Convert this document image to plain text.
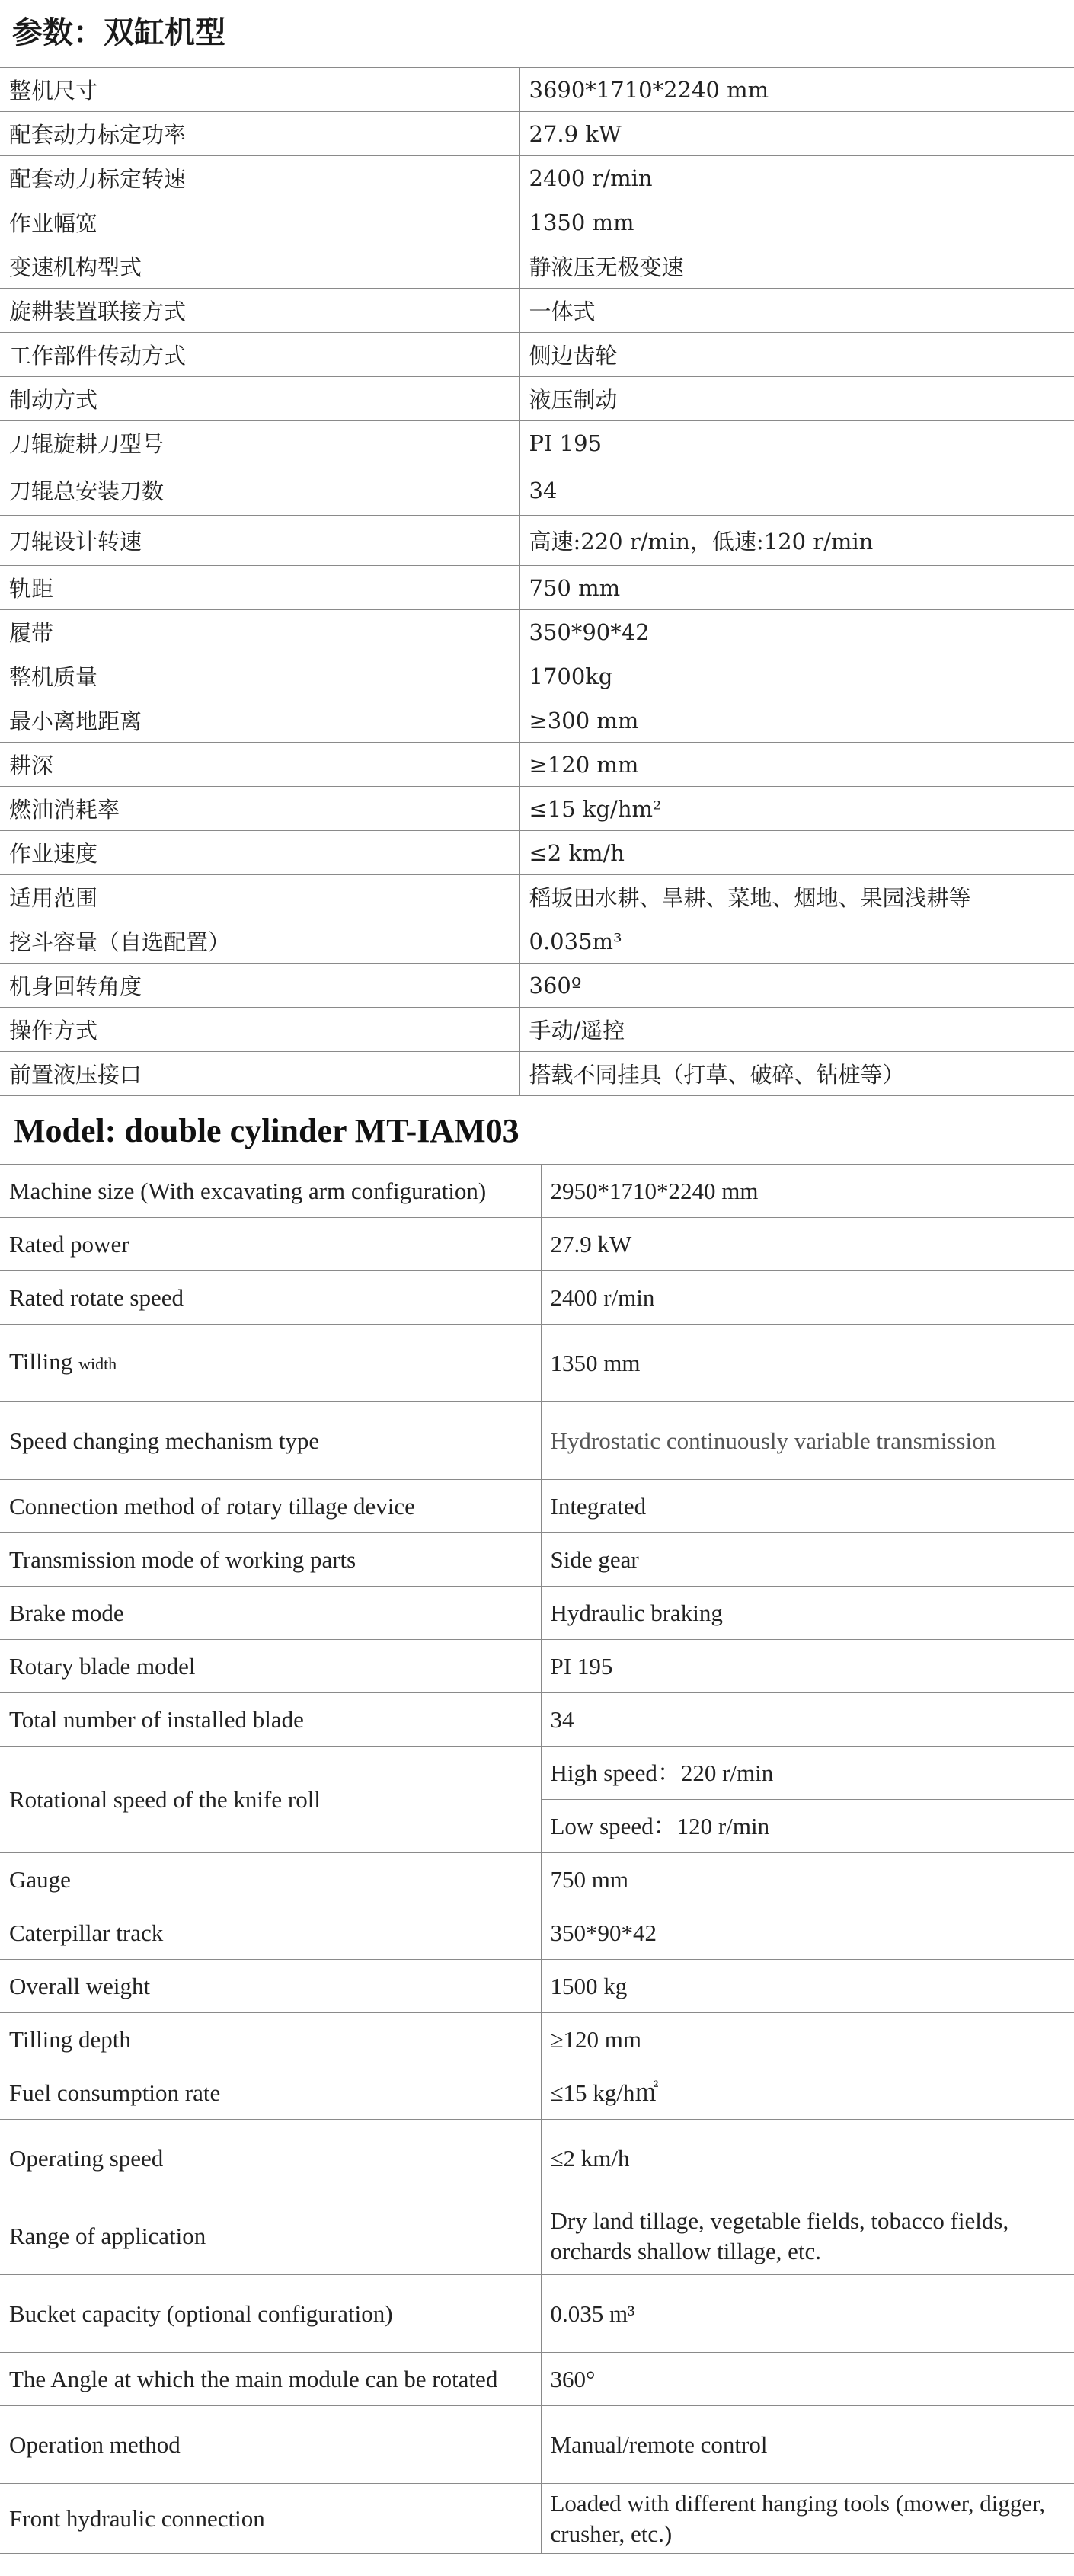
参数：双缸机型
整机尺寸	3690*1710*2240 mm
配套动力标定功率	27.9 kW
配套动力标定转速	2400 r/min
作业幅宽	1350 mm
变速机构型式	静液压无极变速
旋耕装置联接方式	一体式
工作部件传动方式	侧边齿轮
制动方式	液压制动
刀辊旋耕刀型号	PI 195
刀辊总安装刀数	34
刀辊设计转速	高速:220 r/min，低速:120 r/min
轨距	750 mm
履带	350*90*42
整机质量	1700kg
最小离地距离	≥300 mm
耕深	≥120 mm
燃油消耗率	≤15 kg/hm²
作业速度	≤2 km/h
适用范围	稻坂田水耕、旱耕、菜地、烟地、果园浅耕等
挖斗容量（自选配置）	0.035m³
机身回转角度	360º
操作方式	手动/遥控
前置液压接口	搭载不同挂具（打草、破碎、钻桩等）
Model: double cylinder MT-IAM03
Machine size (With excavating arm configuration)	2950*1710*2240 mm
Rated power	27.9 kW
Rated rotate speed	2400 r/min
Tilling width	1350 mm
Speed changing mechanism type	Hydrostatic continuously variable transmission
Connection method of rotary tillage device	Integrated
Transmission mode of working parts	Side gear
Brake mode	Hydraulic braking
Rotary blade model	PI 195
Total number of installed blade	34
Rotational speed of the knife roll	High speed：220 r/min
	Low speed：120 r/min
Gauge	750 mm
Caterpillar track	350*90*42
Overall weight	1500 kg
Tilling depth	≥120 mm
Fuel consumption rate	≤15 kg/h㎡
Operating speed	≤2 km/h
Range of application	Dry land tillage, vegetable fields, tobacco fields, orchards shallow tillage, etc.
Bucket capacity (optional configuration)	0.035 m³
The Angle at which the main module can be rotated	360°
Operation method	Manual/remote control
Front hydraulic connection	Loaded with different hanging tools (mower, digger, crusher, etc.)
